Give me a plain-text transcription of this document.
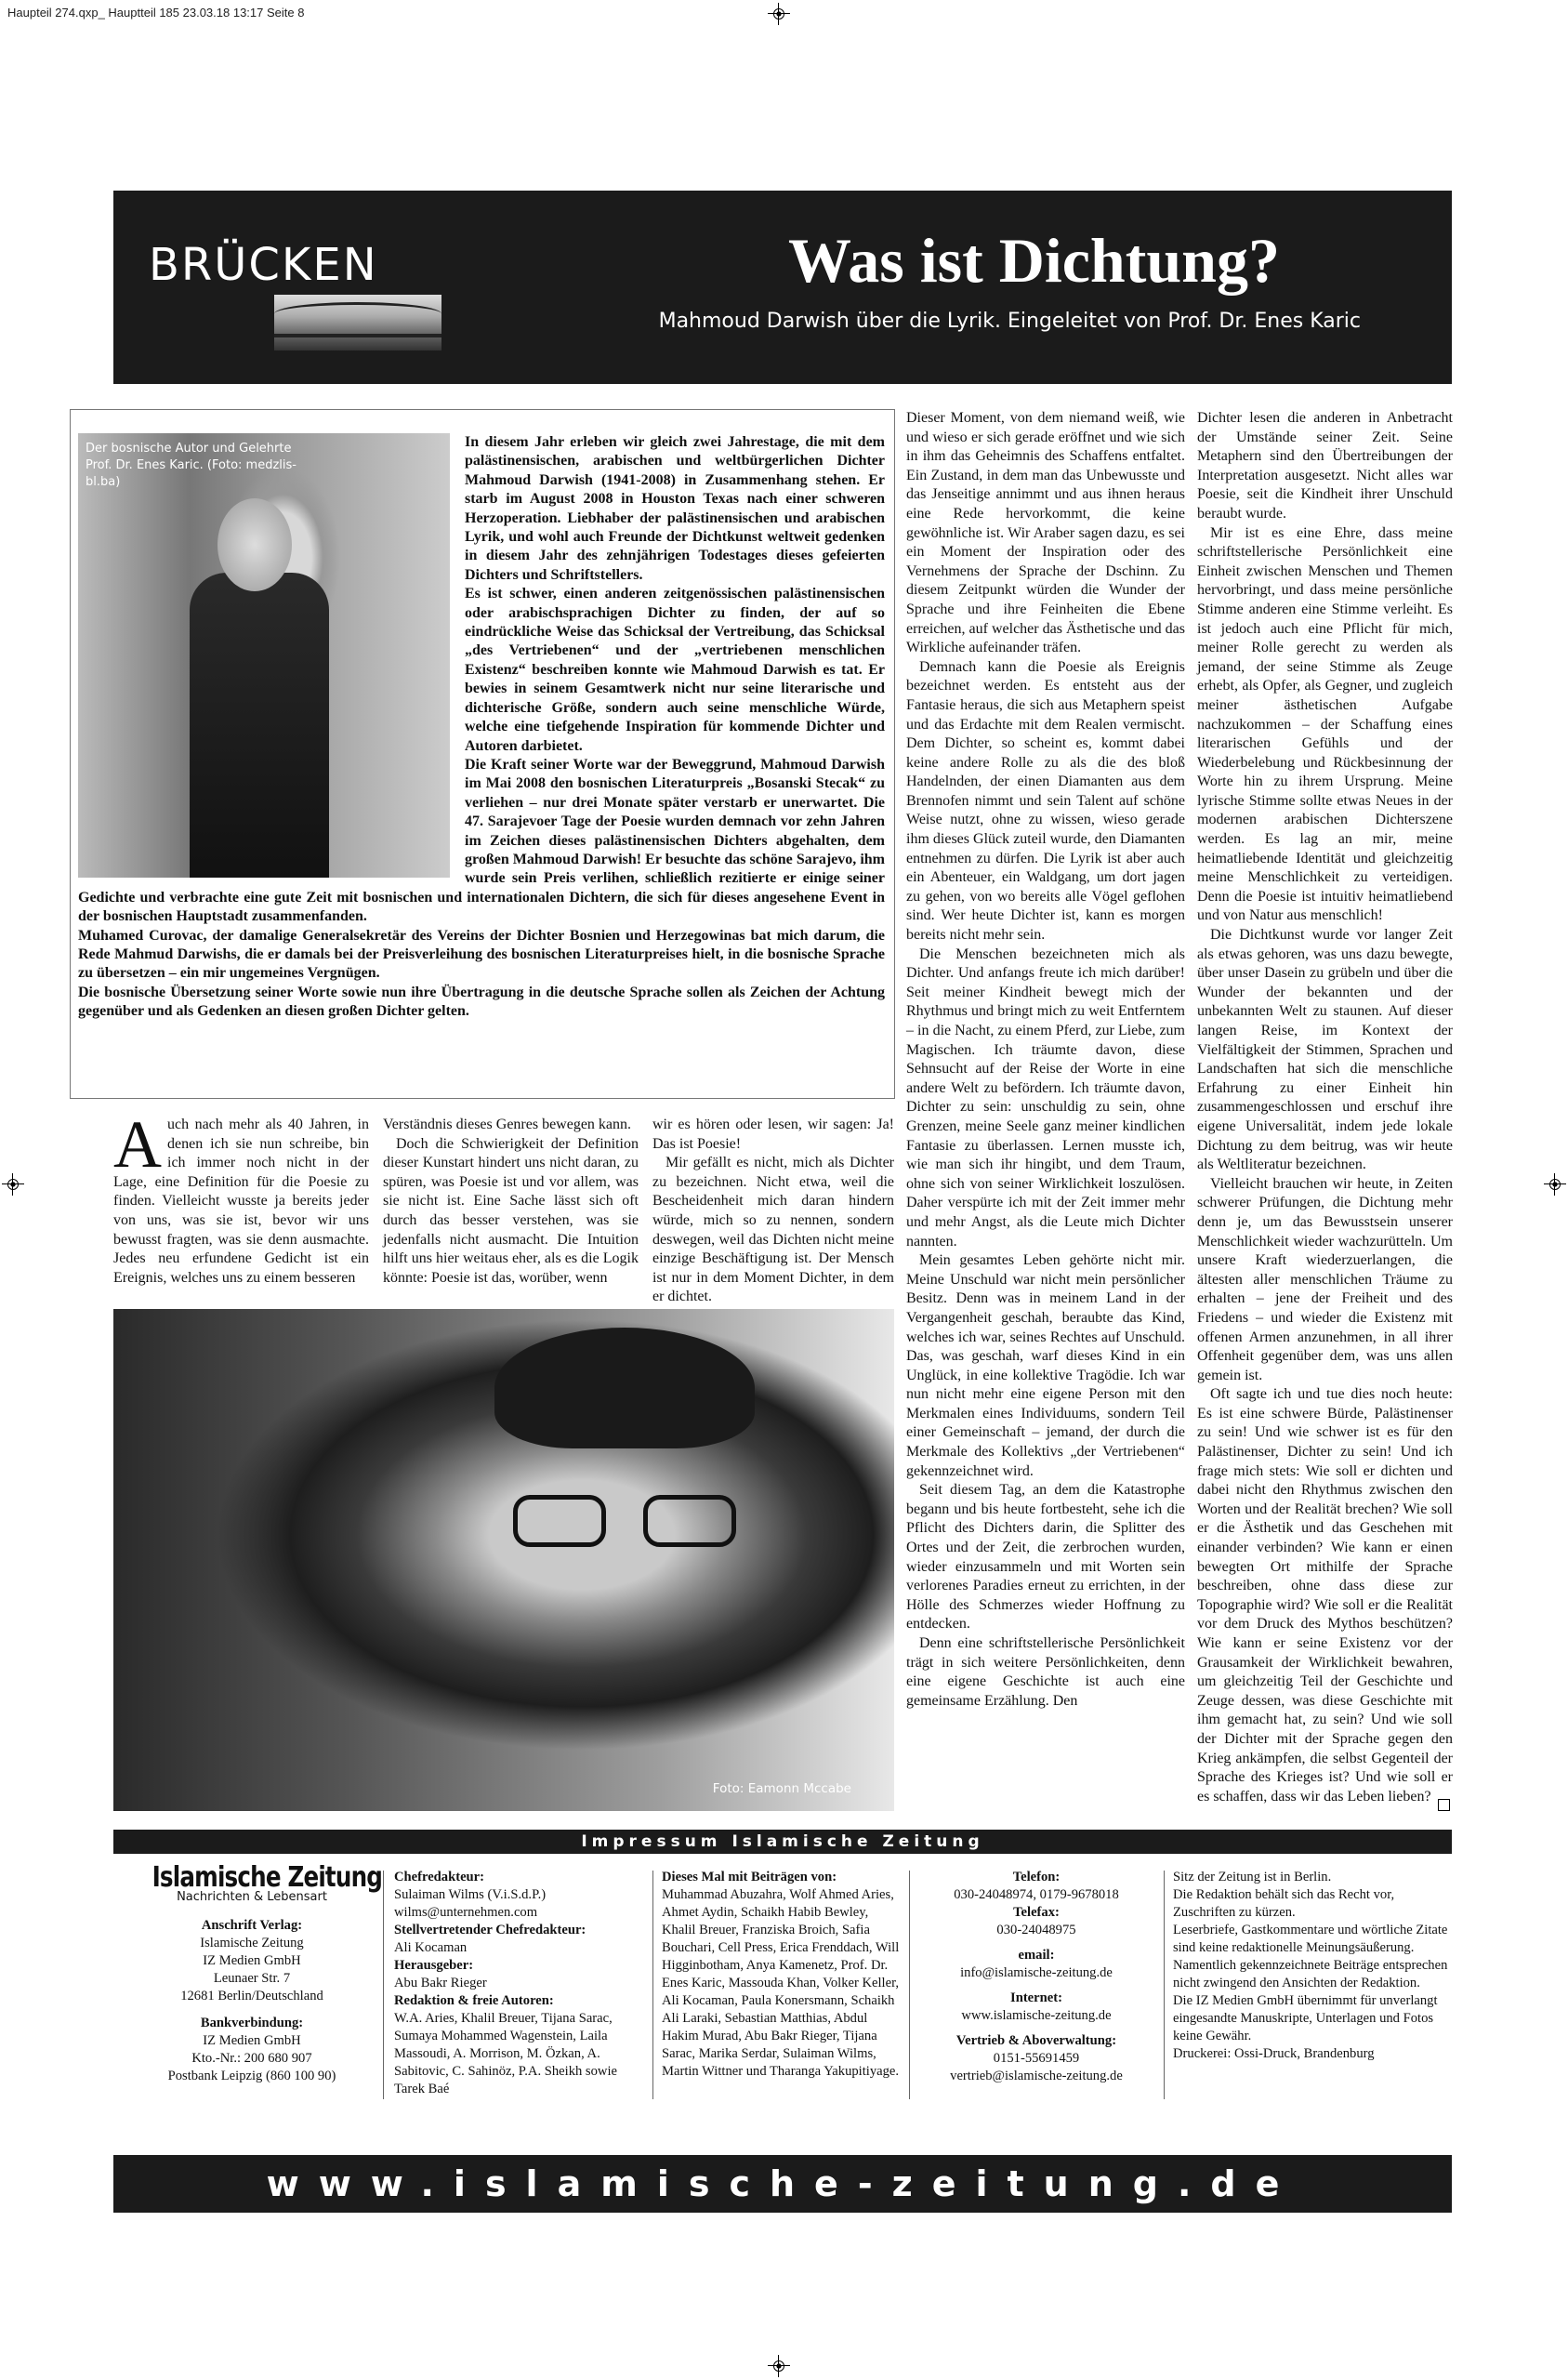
Haupteil 274.qxp_ Hauptteil 185 23.03.18 13:17 Seite 8
BRÜCKEN	Was ist Dichtung?
Mahmoud Darwish über die Lyrik. Eingeleitet von Prof. Dr. Enes Karic
Der bosnische Autor und Gelehrte Prof. Dr. Enes Karic. (Foto: medzlis-bl.ba)

In diesem Jahr erleben wir gleich zwei Jahrestage, die mit dem palästinensischen, arabischen und weltbürgerlichen Dichter Mahmoud Darwish (1941-2008) in Zusammenhang stehen. Er starb im August 2008 in Houston Texas nach einer schweren Herzoperation. Liebhaber der palästinensischen und arabischen Lyrik, und wohl auch Freunde der Dichtkunst weltweit gedenken in diesem Jahr des zehnjährigen Todestages dieses gefeierten Dichters und Schriftstellers.

Es ist schwer, einen anderen zeitgenössischen palästinensischen oder arabischsprachigen Dichter zu finden, der auf so eindrückliche Weise das Schicksal der Vertreibung, das Schicksal „des Vertriebenen“ und der „vertriebenen menschlichen Existenz“ beschreiben konnte wie Mahmoud Darwish es tat. Er bewies in seinem Gesamtwerk nicht nur seine literarische und dichterische Größe, sondern auch seine menschliche Würde, welche eine tiefgehende Inspiration für kommende Dichter und Autoren darbietet.

Die Kraft seiner Worte war der Beweggrund, Mahmoud Darwish im Mai 2008 den bosnischen Literaturpreis „Bosanski Stecak“ zu verliehen – nur drei Monate später verstarb er unerwartet. Die 47. Sarajevoer Tage der Poesie wurden demnach vor zehn Jahren im Zeichen dieses palästinensischen Dichters abgehalten, dem großen Mahmoud Darwish! Er besuchte das schöne Sarajevo, ihm wurde sein Preis verlihen, schließlich rezitierte er einige seiner Gedichte und verbrachte eine gute Zeit mit bosnischen und internationalen Dichtern, die sich für dieses angesehene Event in der bosnischen Hauptstadt zusammenfanden.

Muhamed Curovac, der damalige Generalsekretär des Vereins der Dichter Bosnien und Herzegowinas bat mich darum, die Rede Mahmud Darwishs, die er damals bei der Preisverleihung des bosnischen Literaturpreises hielt, in die bosnische Sprache zu übersetzen – ein mir ungemeines Vergnügen.

Die bosnische Übersetzung seiner Worte sowie nun ihre Übertragung in die deutsche Sprache sollen als Zeichen der Achtung gegenüber und als Gedenken an diesen großen Dichter gelten.

Auch nach mehr als 40 Jahren, in denen ich sie nun schreibe, bin ich immer noch nicht in der Lage, eine Definition für die Poesie zu finden. Vielleicht wusste ja bereits jeder von uns, was sie ist, bevor wir uns bewusst fragten, was sie denn ausmachte. Jedes neu erfundene Gedicht ist ein Ereignis, welches uns zu einem besseren

Verständnis dieses Genres bewegen kann.

Doch die Schwierigkeit der Definition dieser Kunstart hindert uns nicht daran, zu spüren, was Poesie ist und vor allem, was sie nicht ist. Eine Sache lässt sich oft durch das besser verstehen, was sie jedenfalls nicht ausmacht. Die Intuition hilft uns hier weitaus eher, als es die Logik könnte: Poesie ist das, worüber, wenn

wir es hören oder lesen, wir sagen: Ja! Das ist Poesie!

Mir gefällt es nicht, mich als Dichter zu bezeichnen. Nicht etwa, weil die Bescheidenheit mich daran hindern würde, mich so zu nennen, sondern deswegen, weil das Dichten nicht meine einzige Beschäftigung ist. Der Mensch ist nur in dem Moment Dichter, in dem er dichtet.

Foto: Eamonn Mccabe

Dieser Moment, von dem niemand weiß, wie und wieso er sich gerade eröffnet und wie sich in ihm das Geheimnis des Schaffens entfaltet. Ein Zustand, in dem man das Unbewusste und das Jenseitige annimmt und aus ihnen heraus eine Rede hervorkommt, die keine gewöhnliche ist. Wir Araber sagen dazu, es sei ein Moment der Inspiration oder des Vernehmens der Sprache der Dschinn. Zu diesem Zeitpunkt würden die Wunder der Sprache und ihre Feinheiten die Ebene erreichen, auf welcher das Ästhetische und das Wirkliche aufeinander träfen.

Demnach kann die Poesie als Ereignis bezeichnet werden. Es entsteht aus der Fantasie heraus, die sich aus Metaphern speist und das Erdachte mit dem Realen vermischt. Dem Dichter, so scheint es, kommt dabei keine andere Rolle zu als die des bloß Handelnden, der einen Diamanten aus dem Brennofen nimmt und sein Talent auf schöne Weise nutzt, ohne zu wissen, wieso gerade ihm dieses Glück zuteil wurde, den Diamanten entnehmen zu dürfen. Die Lyrik ist aber auch ein Abenteuer, ein Waldgang, um dort jagen zu gehen, von wo bereits alle Vögel geflohen sind. Wer heute Dichter ist, kann es morgen bereits nicht mehr sein.

Die Menschen bezeichneten mich als Dichter. Und anfangs freute ich mich darüber! Seit meiner Kindheit bewegt mich der Rhythmus und bringt mich zu weit Entferntem – in die Nacht, zu einem Pferd, zur Liebe, zum Magischen. Ich träumte davon, diese Sehnsucht auf der Reise der Worte in eine andere Welt zu befördern. Ich träumte davon, Dichter zu sein: unschuldig zu sein, ohne Grenzen, meine Seele ganz meiner kindlichen Fantasie zu überlassen. Lernen musste ich, wie man sich ihr hingibt, und dem Traum, ohne sich von seiner Wirklichkeit loszulösen. Daher verspürte ich mit der Zeit immer mehr und mehr Angst, als die Leute mich Dichter nannten.

Mein gesamtes Leben gehörte nicht mir. Meine Unschuld war nicht mein persönlicher Besitz. Denn was in meinem Land in der Vergangenheit geschah, beraubte das Kind, welches ich war, seines Rechtes auf Unschuld. Das, was geschah, warf dieses Kind in ein Unglück, in eine kollektive Tragödie. Ich war nun nicht mehr eine eigene Person mit den Merkmalen eines Individuums, sondern Teil einer Gemeinschaft – jemand, der durch die Merkmale des Kollektivs „der Vertriebenen“ gekennzeichnet wird.

Seit diesem Tag, an dem die Katastrophe begann und bis heute fortbesteht, sehe ich die Pflicht des Dichters darin, die Splitter des Ortes und der Zeit, die zerbrochen wurden, wieder einzusammeln und mit Worten sein verlorenes Paradies erneut zu errichten, in der Hölle des Schmerzes wieder Hoffnung zu entdecken.

Denn eine schriftstellerische Persönlichkeit trägt in sich weitere Persönlichkeiten, denn eine eigene Geschichte ist auch eine gemeinsame Erzählung. Den

Dichter lesen die anderen in Anbetracht der Umstände seiner Zeit. Seine Metaphern sind den Übertreibungen der Interpretation ausgesetzt. Nicht alles war Poesie, seit die Kindheit ihrer Unschuld beraubt wurde.

Mir ist es eine Ehre, dass meine schriftstellerische Persönlichkeit eine Einheit zwischen Menschen und Themen hervorbringt, und dass meine persönliche Stimme anderen eine Stimme verleiht. Es ist jedoch auch eine Pflicht für mich, meiner Rolle gerecht zu werden als jemand, der seine Stimme als Zeuge erhebt, als Opfer, als Gegner, und zugleich meiner ästhetischen Aufgabe nachzukommen – der Schaffung eines literarischen Gefühls und der Wiederbelebung und Rückbesinnung der Worte hin zu ihrem Ursprung. Meine lyrische Stimme sollte etwas Neues in der modernen arabischen Dichterszene werden. Es lag an mir, meine heimatliebende Identität und gleichzeitig meine Menschlichkeit zu verteidigen. Denn die Poesie ist intuitiv heimatliebend und von Natur aus menschlich!

Die Dichtkunst wurde vor langer Zeit als etwas gehoren, was uns dazu bewegte, über unser Dasein zu grübeln und über die Wunder der bekannten und der unbekannten Welt zu staunen. Auf dieser langen Reise, im Kontext der Vielfältigkeit der Stimmen, Sprachen und Landschaften hat sich die menschliche Erfahrung zu einer Einheit hin zusammengeschlossen und erschuf ihre eigene Universalität, indem jede lokale Dichtung zu dem beitrug, was wir heute als Weltliteratur bezeichnen.

Vielleicht brauchen wir heute, in Zeiten schwerer Prüfungen, die Dichtung mehr denn je, um das Bewusstsein unserer Menschlichkeit wieder wachzurütteln. Um unsere Kraft wiederzuerlangen, die ältesten aller menschlichen Träume zu erhalten – jene der Freiheit und des Friedens – und wieder die Existenz mit offenen Armen anzunehmen, in all ihrer Offenheit gegenüber dem, was uns allen gemein ist.

Oft sagte ich und tue dies noch heute: Es ist eine schwere Bürde, Palästinenser zu sein! Und wie schwer ist es für den Palästinenser, Dichter zu sein! Und ich frage mich stets: Wie soll er dichten und dabei nicht den Rhythmus zwischen den Worten und der Realität brechen? Wie soll er die Ästhetik und das Geschehen mit einander verbinden? Wie kann er einen bewegten Ort mithilfe der Sprache beschreiben, ohne dass diese zur Topographie wird? Wie soll er die Realität vor dem Druck des Mythos beschützen? Wie kann er seine Existenz vor der Grausamkeit der Wirklichkeit bewahren, um gleichzeitig Teil der Geschichte und Zeuge dessen, was diese Geschichte mit ihm gemacht hat, zu sein? Und wie soll der Dichter mit der Sprache gegen den Krieg ankämpfen, die selbst Gegenteil der Sprache des Krieges ist? Und wie soll er es schaffen, dass wir das Leben lieben?

Impressum Islamische Zeitung
Islamische Zeitung
Nachrichten & Lebensart
Anschrift Verlag:
Islamische Zeitung
IZ Medien GmbH
Leunaer Str. 7
12681 Berlin/Deutschland
Bankverbindung:
IZ Medien GmbH
Kto.-Nr.: 200 680 907
Postbank Leipzig (860 100 90)
Chefredakteur:
Sulaiman Wilms (V.i.S.d.P.)
wilms@unternehmen.com
Stellvertretender Chefredakteur:
Ali Kocaman
Herausgeber:
Abu Bakr Rieger
Redaktion & freie Autoren:
W.A. Aries, Khalil Breuer, Tijana Sarac, Sumaya Mohammed Wagenstein, Laila Massoudi, A. Morrison, M. Özkan, A. Sabitovic, C. Sahinöz, P.A. Sheikh sowie Tarek Baé
Dieses Mal mit Beiträgen von:
Muhammad Abuzahra, Wolf Ahmed Aries, Ahmet Aydin, Schaikh Habib Bewley, Khalil Breuer, Franziska Broich, Safia Bouchari, Cell Press, Erica Frenddach, Will Higginbotham, Anya Kamenetz, Prof. Dr. Enes Karic, Massouda Khan, Volker Keller, Ali Kocaman, Paula Konersmann, Schaikh Ali Laraki, Sebastian Matthias, Abdul Hakim Murad, Abu Bakr Rieger, Tijana Sarac, Marika Serdar, Sulaiman Wilms, Martin Wittner und Tharanga Yakupitiyage.
Telefon:
030-24048974, 0179-9678018
Telefax:
030-24048975
email:
info@islamische-zeitung.de
Internet:
www.islamische-zeitung.de
Vertrieb & Aboverwaltung:
0151-55691459
vertrieb@islamische-zeitung.de
Sitz der Zeitung ist in Berlin.
Die Redaktion behält sich das Recht vor, Zuschriften zu kürzen.
Leserbriefe, Gastkommentare und wörtliche Zitate sind keine redaktionelle Meinungsäußerung.
Namentlich gekennzeichnete Beiträge entsprechen nicht zwingend den Ansichten der Redaktion.
Die IZ Medien GmbH übernimmt für unverlangt eingesandte Manuskripte, Unterlagen und Fotos keine Gewähr.
Druckerei: Ossi-Druck, Brandenburg
www.islamische-zeitung.de
